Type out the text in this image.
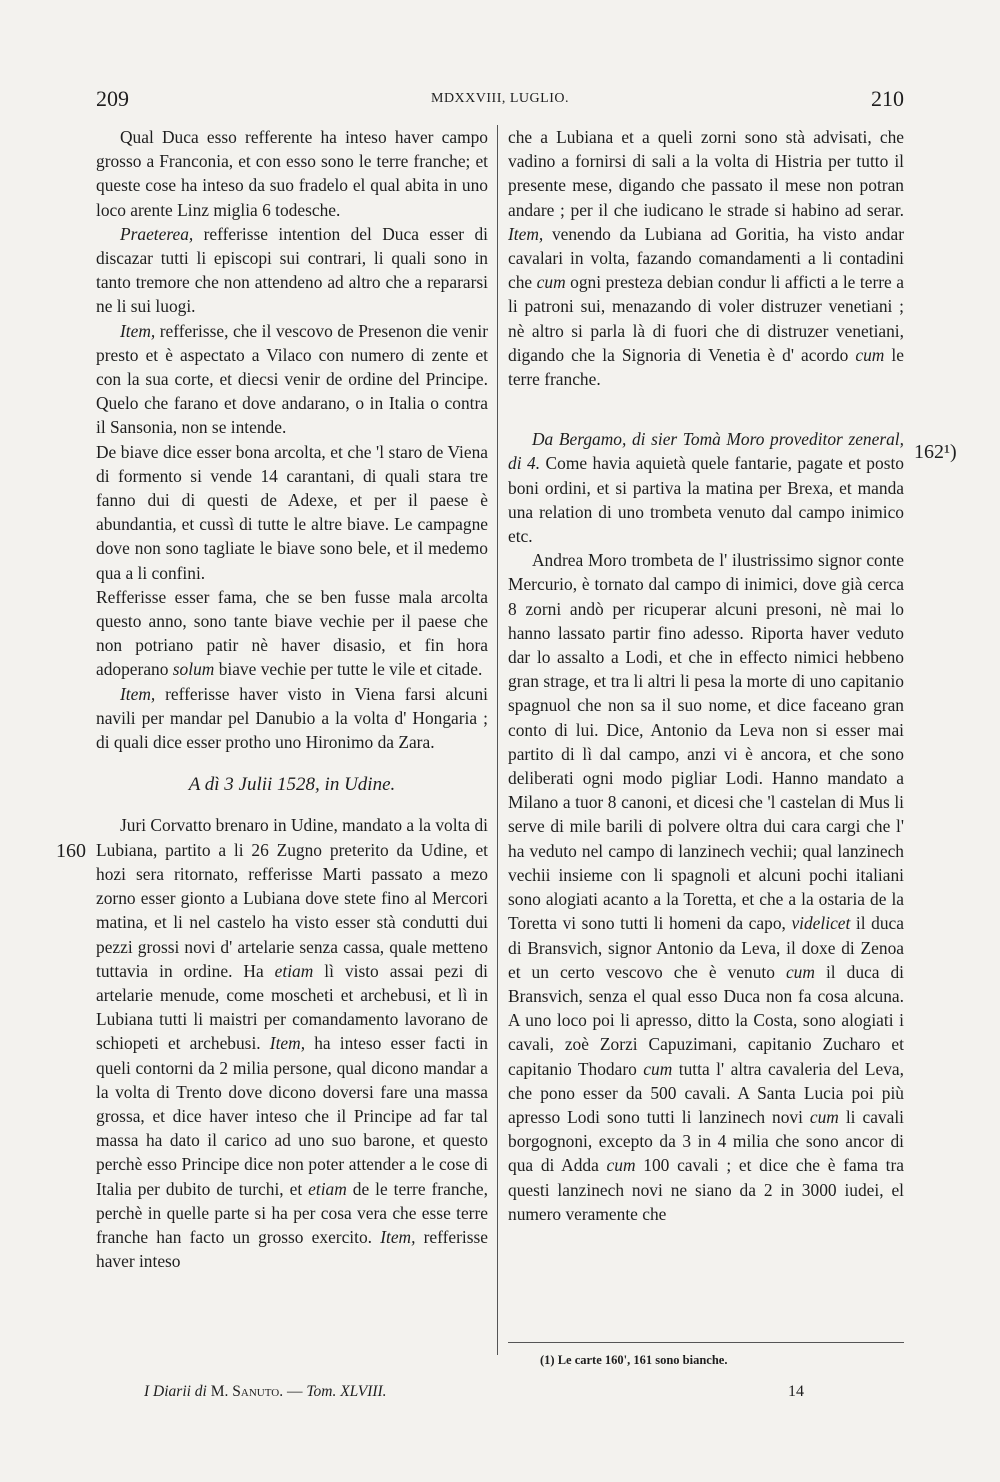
209	MDXXVIII, LUGLIO.	210
160
162¹)

Qual Duca esso refferente ha inteso haver campo grosso a Franconia, et con esso sono le terre franche; et queste cose ha inteso da suo fradelo el qual abita in uno loco arente Linz miglia 6 todesche.

Praeterea, refferisse intention del Duca esser di discazar tutti li episcopi sui contrari, li quali sono in tanto tremore che non attendeno ad altro che a repararsi ne li sui luogi.

Item, refferisse, che il vescovo de Presenon die venir presto et è aspectato a Vilaco con numero di zente et con la sua corte, et diecsi venir de ordine del Principe. Quelo che farano et dove andarano, o in Italia o contra il Sansonia, non se intende.

De biave dice esser bona arcolta, et che 'l staro de Viena di formento si vende 14 carantani, di quali stara tre fanno dui di questi de Adexe, et per il paese è abundantia, et cussì di tutte le altre biave. Le campagne dove non sono tagliate le biave sono bele, et il medemo qua a li confini.

Refferisse esser fama, che se ben fusse mala arcolta questo anno, sono tante biave vechie per il paese che non potriano patir nè haver disasio, et fin hora adoperano solum biave vechie per tutte le vile et citade.

Item, refferisse haver visto in Viena farsi alcuni navili per mandar pel Danubio a la volta d' Hongaria ; di quali dice esser protho uno Hironimo da Zara.

A dì 3 Julii 1528, in Udine.

Juri Corvatto brenaro in Udine, mandato a la volta di Lubiana, partito a li 26 Zugno preterito da Udine, et hozi sera ritornato, refferisse Marti passato a mezo zorno esser gionto a Lubiana dove stete fino al Mercori matina, et li nel castelo ha visto esser stà condutti dui pezzi grossi novi d' artelarie senza cassa, quale metteno tuttavia in ordine. Ha etiam lì visto assai pezi di artelarie menude, come moscheti et archebusi, et lì in Lubiana tutti li maistri per comandamento lavorano de schiopeti et archebusi. Item, ha inteso esser facti in queli contorni da 2 milia persone, qual dicono mandar a la volta di Trento dove dicono doversi fare una massa grossa, et dice haver inteso che il Principe ad far tal massa ha dato il carico ad uno suo barone, et questo perchè esso Principe dice non poter attender a le cose di Italia per dubito de turchi, et etiam de le terre franche, perchè in quelle parte si ha per cosa vera che esse terre franche han facto un grosso exercito. Item, refferisse haver inteso

che a Lubiana et a queli zorni sono stà advisati, che vadino a fornirsi di sali a la volta di Histria per tutto il presente mese, digando che passato il mese non potran andare ; per il che iudicano le strade si habino ad serar. Item, venendo da Lubiana ad Goritia, ha visto andar cavalari in volta, fazando comandamenti a li contadini che cum ogni presteza debian condur li afficti a le terre a li patroni sui, menazando di voler distruzer venetiani ; nè altro si parla là di fuori che di distruzer venetiani, digando che la Signoria di Venetia è d' acordo cum le terre franche.

Da Bergamo, di sier Tomà Moro proveditor zeneral, di 4. Come havia aquietà quele fantarie, pagate et posto boni ordini, et si partiva la matina per Brexa, et manda una relation di uno trombeta venuto dal campo inimico etc.

Andrea Moro trombeta de l' ilustrissimo signor conte Mercurio, è tornato dal campo di inimici, dove già cerca 8 zorni andò per ricuperar alcuni presoni, nè mai lo hanno lassato partir fino adesso. Riporta haver veduto dar lo assalto a Lodi, et che in effecto nimici hebbeno gran strage, et tra li altri li pesa la morte di uno capitanio spagnuol che non sa il suo nome, et dice faceano gran conto di lui. Dice, Antonio da Leva non si esser mai partito di lì dal campo, anzi vi è ancora, et che sono deliberati ogni modo pigliar Lodi. Hanno mandato a Milano a tuor 8 canoni, et dicesi che 'l castelan di Mus li serve di mile barili di polvere oltra dui cara cargi che l' ha veduto nel campo di lanzinech vechii; qual lanzinech vechii insieme con li spagnoli et alcuni pochi italiani sono alogiati acanto a la Toretta, et che a la ostaria de la Toretta vi sono tutti li homeni da capo, videlicet il duca di Bransvich, signor Antonio da Leva, il doxe di Zenoa et un certo vescovo che è venuto cum il duca di Bransvich, senza el qual esso Duca non fa cosa alcuna. A uno loco poi li apresso, ditto la Costa, sono alogiati i cavali, zoè Zorzi Capuzimani, capitanio Zucharo et capitanio Thodaro cum tutta l' altra cavaleria del Leva, che pono esser da 500 cavali. A Santa Lucia poi più apresso Lodi sono tutti li lanzinech novi cum li cavali borgognoni, excepto da 3 in 4 milia che sono ancor di qua di Adda cum 100 cavali ; et dice che è fama tra questi lanzinech novi ne siano da 2 in 3000 iudei, el numero veramente che

(1) Le carte 160', 161 sono bianche.
I Diarii di M. Sanuto. — Tom. XLVIII.	14
